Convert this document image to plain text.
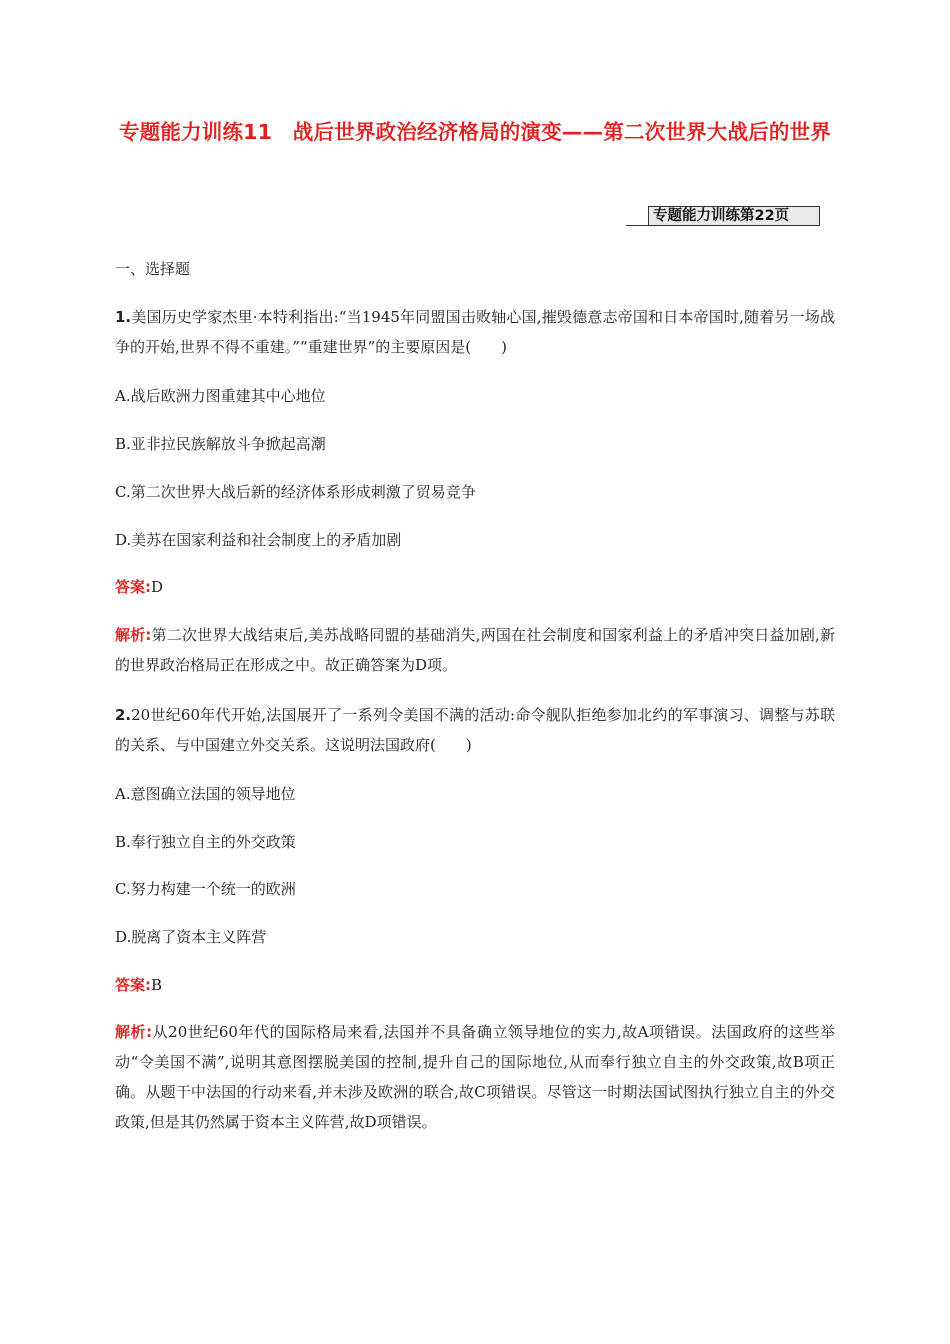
专题能力训练11　战后世界政治经济格局的演变——第二次世界大战后的世界
专题能力训练第22页
一、选择题
1.美国历史学家杰里·本特利指出:“当1945年同盟国击败轴心国,摧毁德意志帝国和日本帝国时,随着另一场战争的开始,世界不得不重建。”“重建世界”的主要原因是(　　)
A.战后欧洲力图重建其中心地位
B.亚非拉民族解放斗争掀起高潮
C.第二次世界大战后新的经济体系形成刺激了贸易竞争
D.美苏在国家利益和社会制度上的矛盾加剧
答案:D
解析:第二次世界大战结束后,美苏战略同盟的基础消失,两国在社会制度和国家利益上的矛盾冲突日益加剧,新的世界政治格局正在形成之中。故正确答案为D项。
2.20世纪60年代开始,法国展开了一系列令美国不满的活动:命令舰队拒绝参加北约的军事演习、调整与苏联的关系、与中国建立外交关系。这说明法国政府(　　)
A.意图确立法国的领导地位
B.奉行独立自主的外交政策
C.努力构建一个统一的欧洲
D.脱离了资本主义阵营
答案:B
解析:从20世纪60年代的国际格局来看,法国并不具备确立领导地位的实力,故A项错误。法国政府的这些举动“令美国不满”,说明其意图摆脱美国的控制,提升自己的国际地位,从而奉行独立自主的外交政策,故B项正确。从题干中法国的行动来看,并未涉及欧洲的联合,故C项错误。尽管这一时期法国试图执行独立自主的外交政策,但是其仍然属于资本主义阵营,故D项错误。
